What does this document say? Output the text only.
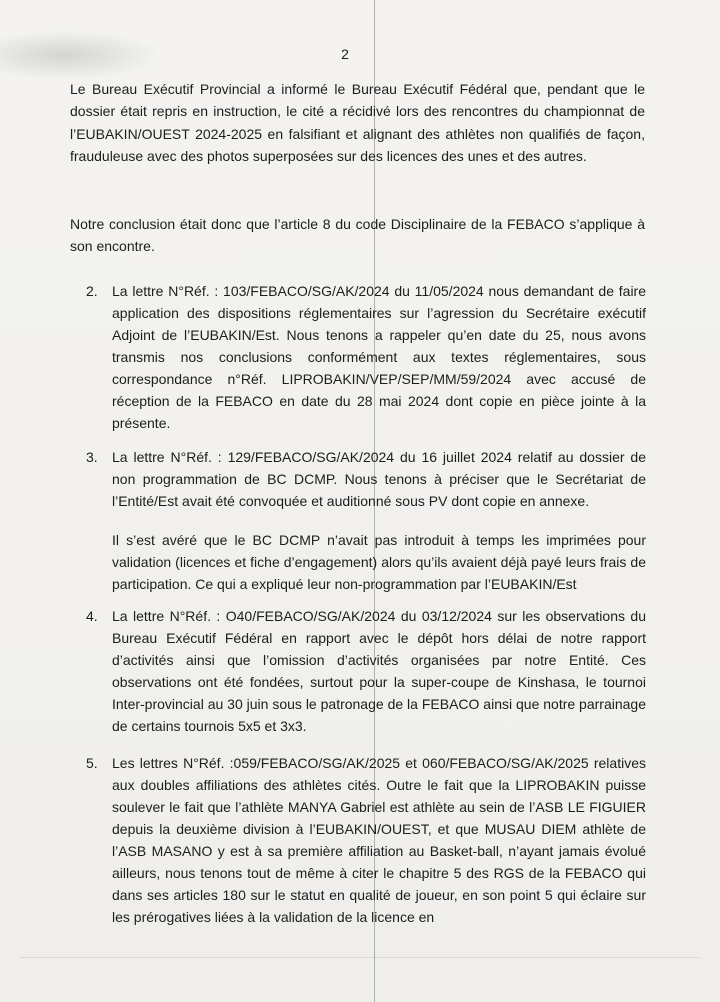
2

Le Bureau Exécutif Provincial a informé le Bureau Exécutif Fédéral que, pendant que le dossier était repris en instruction, le cité a récidivé lors des rencontres du championnat de l’EUBAKIN/OUEST 2024-2025 en falsifiant et alignant des athlètes non qualifiés de façon, frauduleuse avec des photos superposées sur des licences des unes et des autres.

Notre conclusion était donc que l’article 8 du code Disciplinaire de la FEBACO s’applique à son encontre.

2.	La lettre N°Réf. : 103/FEBACO/SG/AK/2024 du 11/05/2024 nous demandant de faire application des dispositions réglementaires sur l’agression du Secrétaire exécutif Adjoint de l’EUBAKIN/Est. Nous tenons a rappeler qu’en date du 25, nous avons transmis nos conclusions conformément aux textes réglementaires, sous correspondance n°Réf. LIPROBAKIN/VEP/SEP/MM/59/2024 avec accusé de réception de la FEBACO en date du 28 mai 2024 dont copie en pièce jointe à la présente.
3.	La lettre N°Réf. : 129/FEBACO/SG/AK/2024 du 16 juillet 2024 relatif au dossier de non programmation de BC DCMP. Nous tenons à préciser que le Secrétariat de l’Entité/Est avait été convoquée et auditionné sous PV dont copie en annexe.
Il s’est avéré que le BC DCMP n’avait pas introduit à temps les imprimées pour validation (licences et fiche d’engagement) alors qu’ils avaient déjà payé leurs frais de participation. Ce qui a expliqué leur non-programmation par l’EUBAKIN/Est
4.	La lettre N°Réf. : O40/FEBACO/SG/AK/2024 du 03/12/2024 sur les observations du Bureau Exécutif Fédéral en rapport avec le dépôt hors délai de notre rapport d’activités ainsi que l’omission d’activités organisées par notre Entité. Ces observations ont été fondées, surtout pour la super-coupe de Kinshasa, le tournoi Inter-provincial au 30 juin sous le patronage de la FEBACO ainsi que notre parrainage de certains tournois 5x5 et 3x3.
5.	Les lettres N°Réf. :059/FEBACO/SG/AK/2025 et 060/FEBACO/SG/AK/2025 relatives aux doubles affiliations des athlètes cités. Outre le fait que la LIPROBAKIN puisse soulever le fait que l’athlète MANYA Gabriel est athlète au sein de l’ASB LE FIGUIER depuis la deuxième division à l’EUBAKIN/OUEST, et que MUSAU DIEM athlète de l’ASB MASANO y est à sa première affiliation au Basket-ball, n’ayant jamais évolué ailleurs, nous tenons tout de même à citer le chapitre 5 des RGS de la FEBACO qui dans ses articles 180 sur le statut en qualité de joueur, en son point 5 qui éclaire sur les prérogatives liées à la validation de la licence en
